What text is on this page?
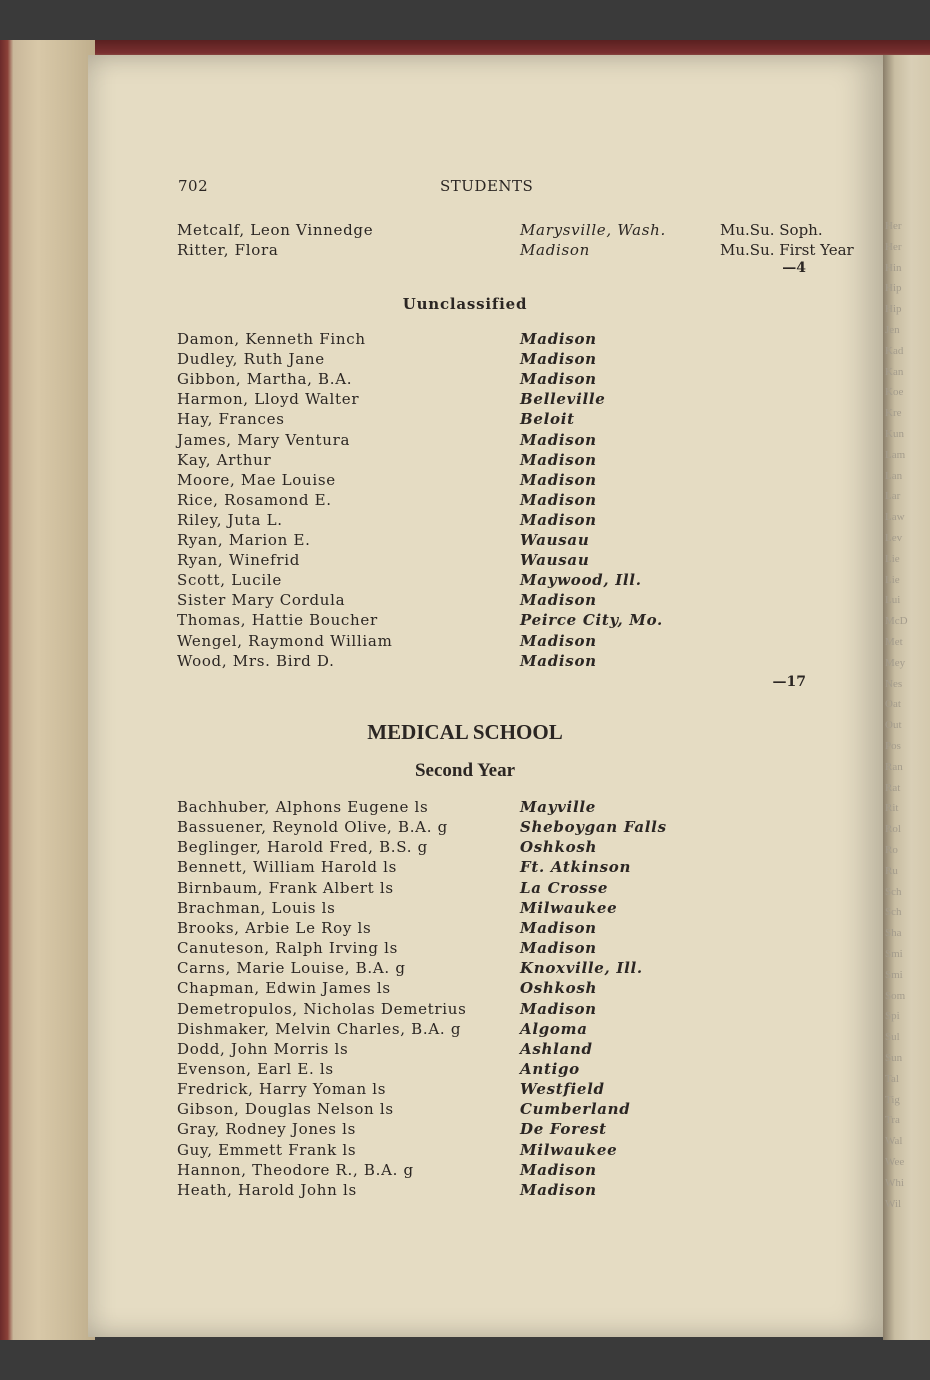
Her
Her
Hin
Hip
Hip
Jen
Kad
Kan
Koe
Kre
Kun
Lam
Lan
Lar
Law
Lev
Lie
Lie
Lui
McD
Met
Mey
Nes
Oat
Out
Pos
Ran
Rat
Rit
Rol
Ro
Ru
Sch
Sch
Sha
Smi
Smi
Som
Spi
Sul
Sun
Tal
Tig
Tra
Wal
Wee
Whi
Wil
702	STUDENTS
Metcalf, Leon Vinnedge	Marysville, Wash.	Mu.Su. Soph.
Ritter, Flora	Madison	Mu.Su. First Year
—4
Uunclassified
Damon, Kenneth Finch	Madison
Dudley, Ruth Jane	Madison
Gibbon, Martha, B.A.	Madison
Harmon, Lloyd Walter	Belleville
Hay, Frances	Beloit
James, Mary Ventura	Madison
Kay, Arthur	Madison
Moore, Mae Louise	Madison
Rice, Rosamond E.	Madison
Riley, Juta L.	Madison
Ryan, Marion E.	Wausau
Ryan, Winefrid	Wausau
Scott, Lucile	Maywood, Ill.
Sister Mary Cordula	Madison
Thomas, Hattie Boucher	Peirce City, Mo.
Wengel, Raymond William	Madison
Wood, Mrs. Bird D.	Madison
—17
MEDICAL SCHOOL
Second Year
Bachhuber, Alphons Eugene ls	Mayville
Bassuener, Reynold Olive, B.A. g	Sheboygan Falls
Beglinger, Harold Fred, B.S. g	Oshkosh
Bennett, William Harold ls	Ft. Atkinson
Birnbaum, Frank Albert ls	La Crosse
Brachman, Louis ls	Milwaukee
Brooks, Arbie Le Roy ls	Madison
Canuteson, Ralph Irving ls	Madison
Carns, Marie Louise, B.A. g	Knoxville, Ill.
Chapman, Edwin James ls	Oshkosh
Demetropulos, Nicholas Demetrius	Madison
Dishmaker, Melvin Charles, B.A. g	Algoma
Dodd, John Morris ls	Ashland
Evenson, Earl E. ls	Antigo
Fredrick, Harry Yoman ls	Westfield
Gibson, Douglas Nelson ls	Cumberland
Gray, Rodney Jones ls	De Forest
Guy, Emmett Frank ls	Milwaukee
Hannon, Theodore R., B.A. g	Madison
Heath, Harold John ls	Madison
